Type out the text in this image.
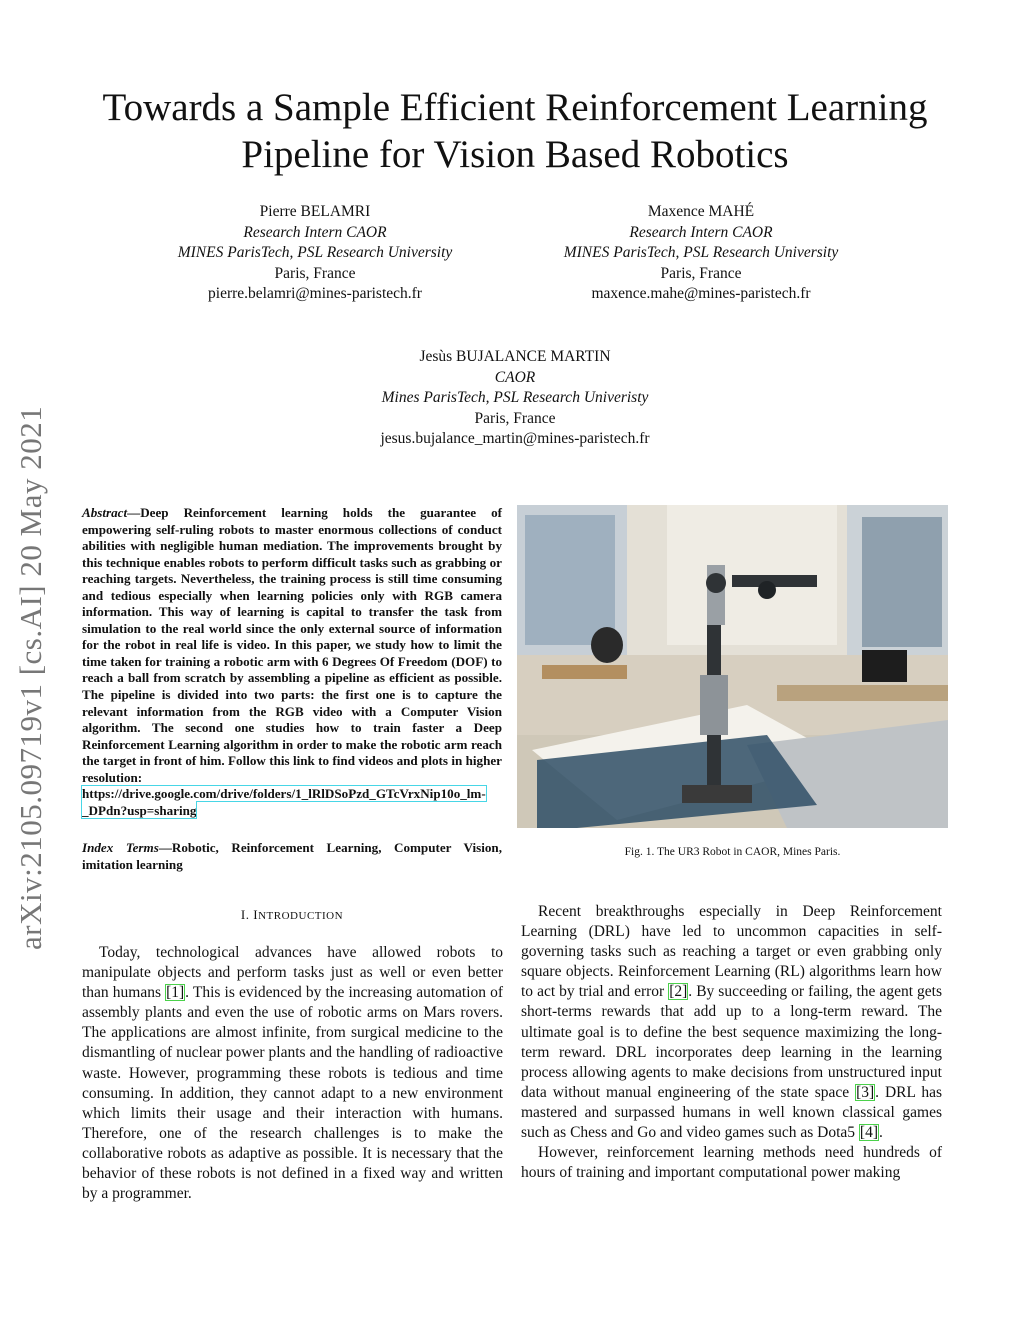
arXiv:2105.09719v1 [cs.AI] 20 May 2021
Towards a Sample Efficient Reinforcement Learning
Pipeline for Vision Based Robotics
Pierre BELAMRI
Research Intern CAOR
MINES ParisTech, PSL Research University
Paris, France
pierre.belamri@mines-paristech.fr
Maxence MAHÉ
Research Intern CAOR
MINES ParisTech, PSL Research University
Paris, France
maxence.mahe@mines-paristech.fr
Jesùs BUJALANCE MARTIN
CAOR
Mines ParisTech, PSL Research Univeristy
Paris, France
jesus.bujalance_martin@mines-paristech.fr
Abstract—Deep Reinforcement learning holds the guarantee of empowering self-ruling robots to master enormous collections of conduct abilities with negligible human mediation. The improvements brought by this technique enables robots to perform difficult tasks such as grabbing or reaching targets. Nevertheless, the training process is still time consuming and tedious especially when learning policies only with RGB camera information. This way of learning is capital to transfer the task from simulation to the real world since the only external source of information for the robot in real life is video. In this paper, we study how to limit the time taken for training a robotic arm with 6 Degrees Of Freedom (DOF) to reach a ball from scratch by assembling a pipeline as efficient as possible. The pipeline is divided into two parts: the first one is to capture the relevant information from the RGB video with a Computer Vision algorithm. The second one studies how to train faster a Deep Reinforcement Learning algorithm in order to make the robotic arm reach the target in front of him. Follow this link to find videos and plots in higher resolution: https://drive.google.com/drive/folders/1_lRlDSoPzd_GTcVrxNip10o_lm-_DPdn?usp=sharing
Index Terms—Robotic, Reinforcement Learning, Computer Vision, imitation learning
I. INTRODUCTION

Today, technological advances have allowed robots to manipulate objects and perform tasks just as well or even better than humans [1]. This is evidenced by the increasing automation of assembly plants and even the use of robotic arms on Mars rovers. The applications are almost infinite, from surgical medicine to the dismantling of nuclear power plants and the handling of radioactive waste. However, programming these robots is tedious and time consuming. In addition, they cannot adapt to a new environment which limits their usage and their interaction with humans. Therefore, one of the research challenges is to make the collaborative robots as adaptive as possible. It is necessary that the behavior of these robots is not defined in a fixed way and written by a programmer.

Recent breakthroughs especially in Deep Reinforcement Learning (DRL) have led to uncommon capacities in self-governing tasks such as reaching a target or even grabbing only square objects. Reinforcement Learning (RL) algorithms learn how to act by trial and error [2]. By succeeding or failing, the agent gets short-terms rewards that add up to a long-term reward. The ultimate goal is to define the best sequence maximizing the long-term reward. DRL incorporates deep learning in the learning process allowing agents to make decisions from unstructured input data without manual engineering of the state space [3]. DRL has mastered and surpassed humans in well known classical games such as Chess and Go and video games such as Dota5 [4].

However, reinforcement learning methods need hundreds of hours of training and important computational power making

Fig. 1. The UR3 Robot in CAOR, Mines Paris.
